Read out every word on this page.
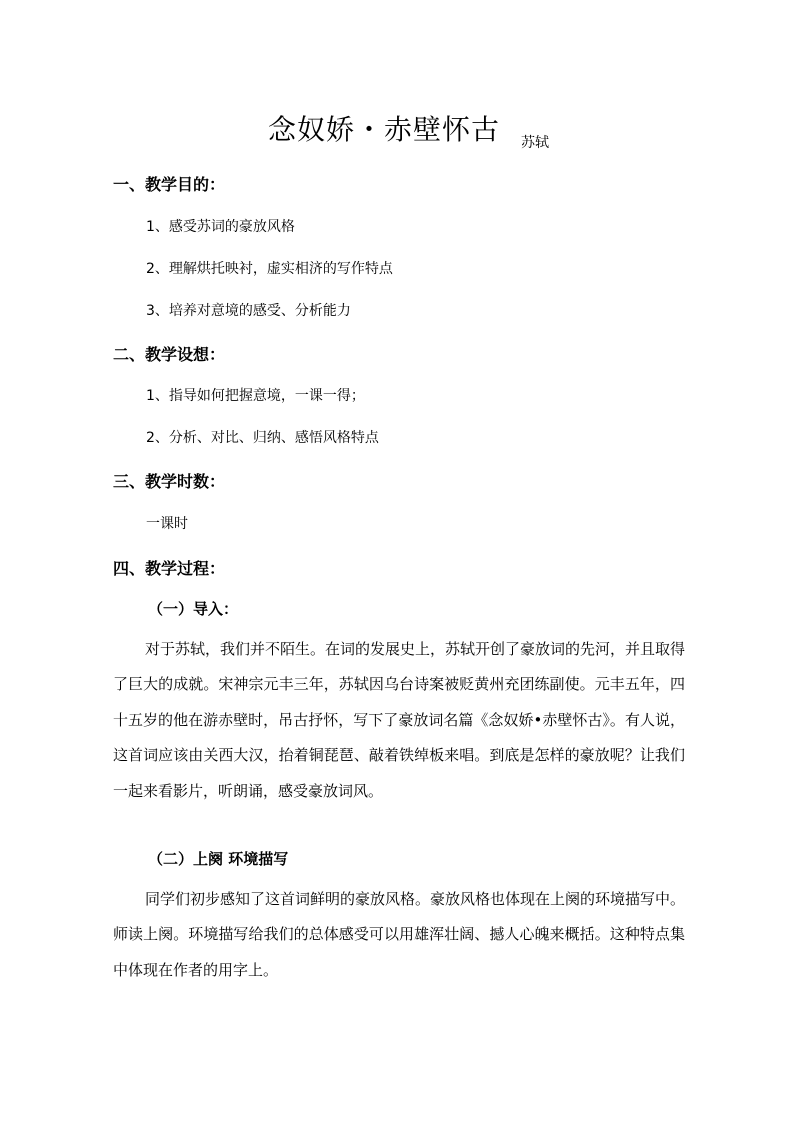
念奴娇・赤壁怀古 苏轼
一、教学目的：
1、感受苏词的豪放风格
2、理解烘托映衬，虚实相济的写作特点
3、培养对意境的感受、分析能力
二、教学设想：
1、指导如何把握意境，一课一得；
2、分析、对比、归纳、感悟风格特点
三、教学时数：
一课时
四、教学过程：
（一）导入：
对于苏轼，我们并不陌生。在词的发展史上，苏轼开创了豪放词的先河，并且取得了巨大的成就。宋神宗元丰三年，苏轼因乌台诗案被贬黄州充团练副使。元丰五年，四十五岁的他在游赤壁时，吊古抒怀，写下了豪放词名篇《念奴娇•赤壁怀古》。有人说，这首词应该由关西大汉，抬着铜琵琶、敲着铁绰板来唱。到底是怎样的豪放呢？让我们一起来看影片，听朗诵，感受豪放词风。
（二）上阕 环境描写
同学们初步感知了这首词鲜明的豪放风格。豪放风格也体现在上阕的环境描写中。师读上阕。环境描写给我们的总体感受可以用雄浑壮阔、撼人心魄来概括。这种特点集中体现在作者的用字上。
